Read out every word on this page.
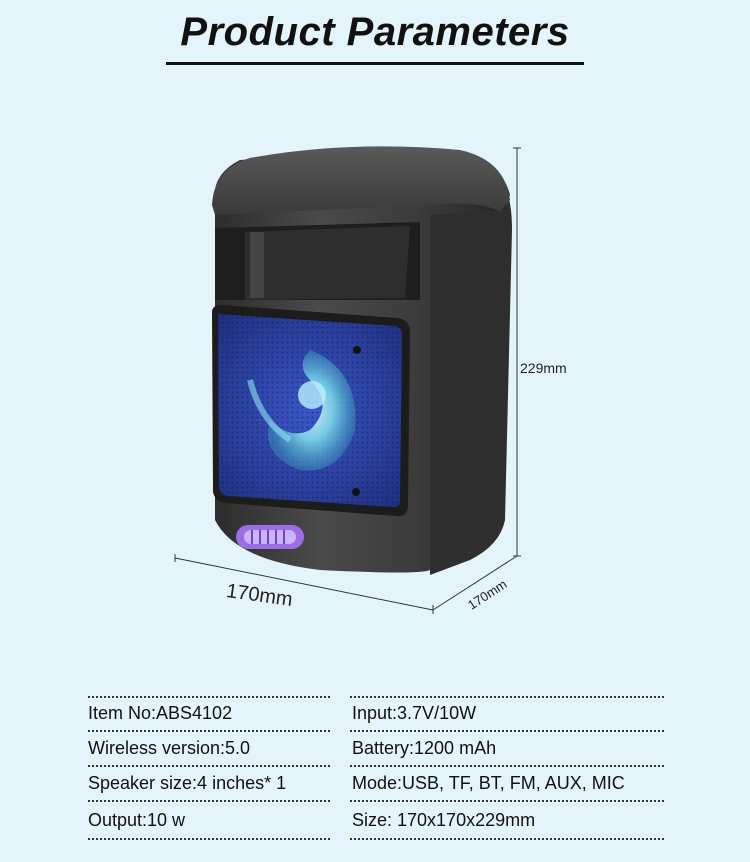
Product Parameters
229mm
170mm	170mm
Item No:ABS4102	Input:3.7V/10W
Wireless version:5.0	Battery:1200 mAh
Speaker size:4 inches* 1	Mode:USB, TF, BT, FM, AUX, MIC
Output:10 w	Size: 170x170x229mm
